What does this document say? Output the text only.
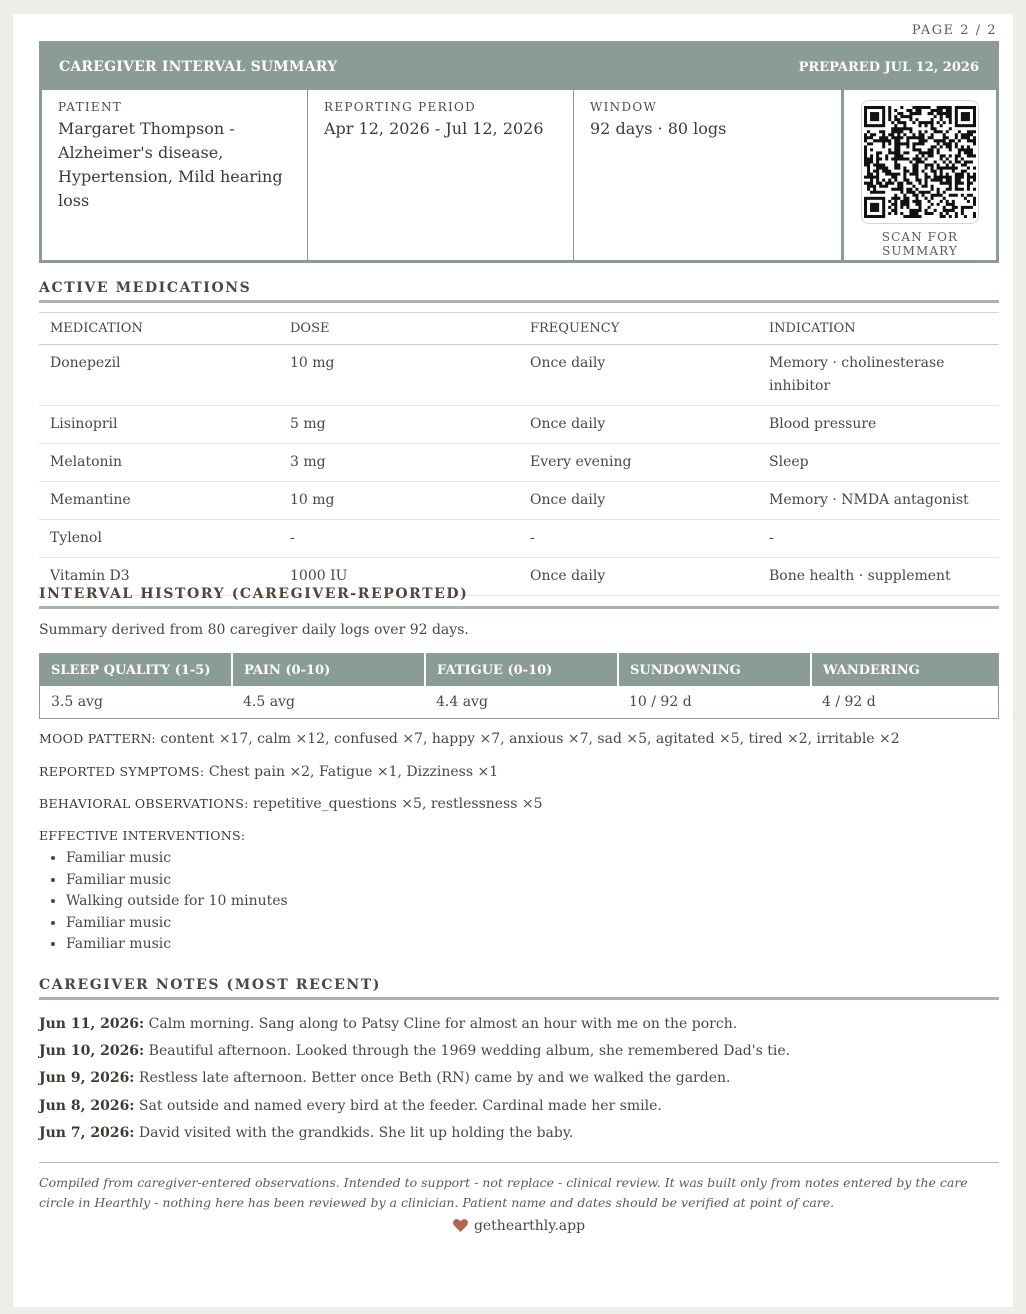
PAGE 2 / 2
CAREGIVER INTERVAL SUMMARY	PREPARED JUL 12, 2026
PATIENT
Margaret Thompson - Alzheimer's disease, Hypertension, Mild hearing loss
REPORTING PERIOD
Apr 12, 2026 - Jul 12, 2026
WINDOW
92 days · 80 logs
SCAN FOR SUMMARY
ACTIVE MEDICATIONS
MEDICATION	DOSE	FREQUENCY	INDICATION
Donepezil	10 mg	Once daily	Memory · cholinesterase inhibitor
Lisinopril	5 mg	Once daily	Blood pressure
Melatonin	3 mg	Every evening	Sleep
Memantine	10 mg	Once daily	Memory · NMDA antagonist
Tylenol	-	-	-
Vitamin D3	1000 IU	Once daily	Bone health · supplement
INTERVAL HISTORY (CAREGIVER-REPORTED)
Summary derived from 80 caregiver daily logs over 92 days.
SLEEP QUALITY (1-5)	PAIN (0-10)	FATIGUE (0-10)	SUNDOWNING	WANDERING
3.5 avg	4.5 avg	4.4 avg	10 / 92 d	4 / 92 d
MOOD PATTERN: content ×17, calm ×12, confused ×7, happy ×7, anxious ×7, sad ×5, agitated ×5, tired ×2, irritable ×2
REPORTED SYMPTOMS: Chest pain ×2, Fatigue ×1, Dizziness ×1
BEHAVIORAL OBSERVATIONS: repetitive_questions ×5, restlessness ×5
EFFECTIVE INTERVENTIONS:
• Familiar music
• Familiar music
• Walking outside for 10 minutes
• Familiar music
• Familiar music
CAREGIVER NOTES (MOST RECENT)
Jun 11, 2026: Calm morning. Sang along to Patsy Cline for almost an hour with me on the porch.
Jun 10, 2026: Beautiful afternoon. Looked through the 1969 wedding album, she remembered Dad's tie.
Jun 9, 2026: Restless late afternoon. Better once Beth (RN) came by and we walked the garden.
Jun 8, 2026: Sat outside and named every bird at the feeder. Cardinal made her smile.
Jun 7, 2026: David visited with the grandkids. She lit up holding the baby.
Compiled from caregiver-entered observations. Intended to support - not replace - clinical review. It was built only from notes entered by the care circle in Hearthly - nothing here has been reviewed by a clinician. Patient name and dates should be verified at point of care.
gethearthly.app
